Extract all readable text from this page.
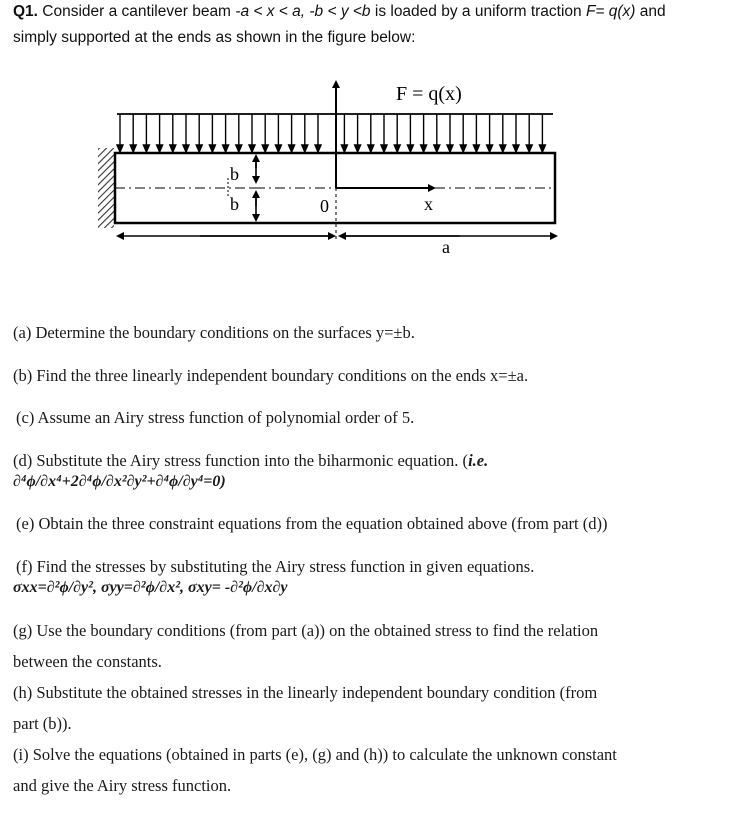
Q1. Consider a cantilever beam -a < x < a, -b < y <b is loaded by a uniform traction F= q(x) and
simply supported at the ends as shown in the figure below:
F = q(x)
b
b	0	x
a
(a) Determine the boundary conditions on the surfaces y=±b.
(b) Find the three linearly independent boundary conditions on the ends x=±a.
(c) Assume an Airy stress function of polynomial order of 5.
(d) Substitute the Airy stress function into the biharmonic equation. (i.e.
∂⁴ϕ/∂x⁴+2∂⁴ϕ/∂x²∂y²+∂⁴ϕ/∂y⁴=0)
(e) Obtain the three constraint equations from the equation obtained above (from part (d))
(f) Find the stresses by substituting the Airy stress function in given equations.
σxx=∂²ϕ/∂y², σyy=∂²ϕ/∂x², σxy= -∂²ϕ/∂x∂y
(g) Use the boundary conditions (from part (a)) on the obtained stress to find the relation
between the constants.
(h) Substitute the obtained stresses in the linearly independent boundary condition (from
part (b)).
(i) Solve the equations (obtained in parts (e), (g) and (h)) to calculate the unknown constant
and give the Airy stress function.
